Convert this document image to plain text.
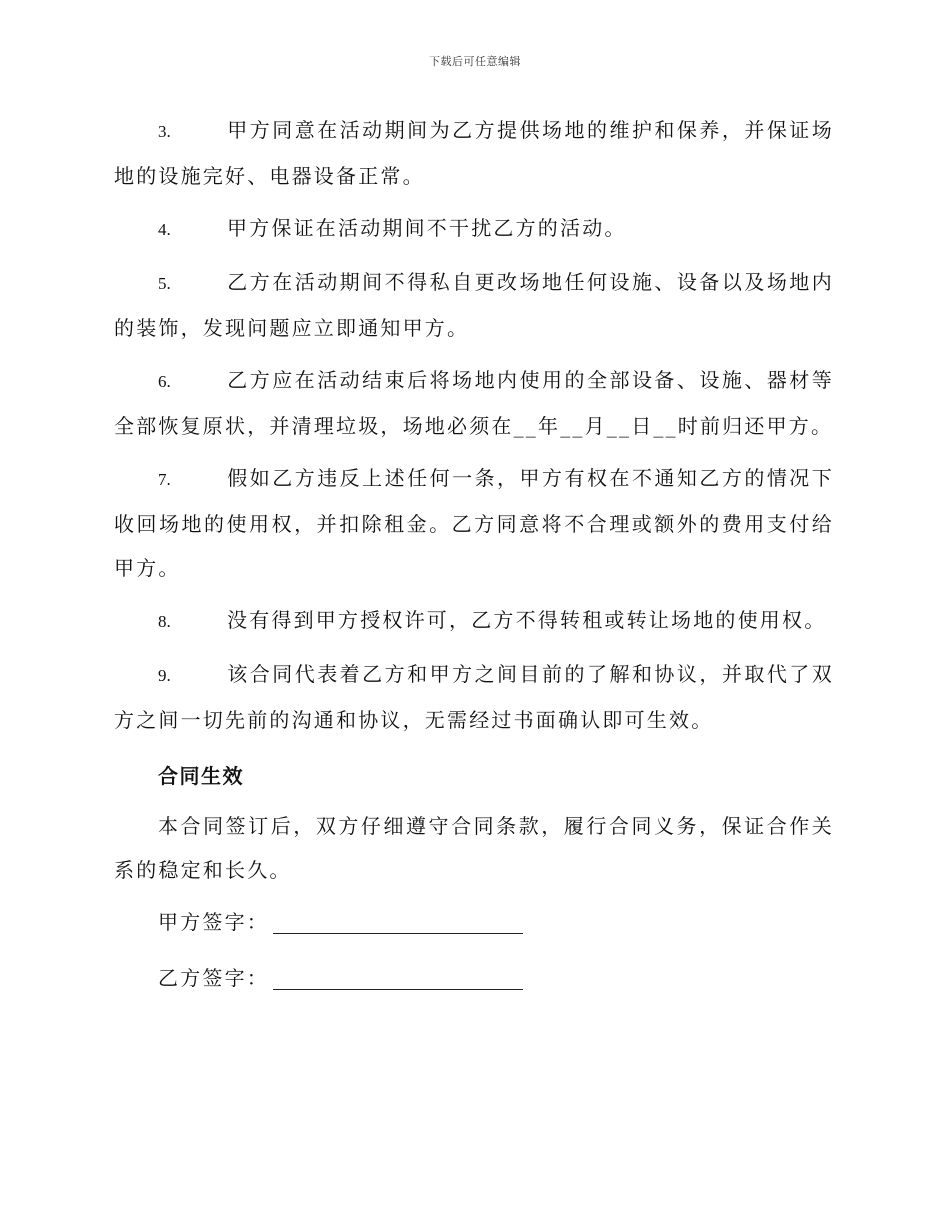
下载后可任意编辑
3.	甲方同意在活动期间为乙方提供场地的维护和保养，并保证场地的设施完好、电器设备正常。
4.	甲方保证在活动期间不干扰乙方的活动。
5.	乙方在活动期间不得私自更改场地任何设施、设备以及场地内的装饰，发现问题应立即通知甲方。
6.	乙方应在活动结束后将场地内使用的全部设备、设施、器材等全部恢复原状，并清理垃圾，场地必须在__年__月__日__时前归还甲方。
7.	假如乙方违反上述任何一条，甲方有权在不通知乙方的情况下收回场地的使用权，并扣除租金。乙方同意将不合理或额外的费用支付给甲方。
8.	没有得到甲方授权许可，乙方不得转租或转让场地的使用权。
9.	该合同代表着乙方和甲方之间目前的了解和协议，并取代了双方之间一切先前的沟通和协议，无需经过书面确认即可生效。
合同生效
本合同签订后，双方仔细遵守合同条款，履行合同义务，保证合作关系的稳定和长久。
甲方签字：
乙方签字：
